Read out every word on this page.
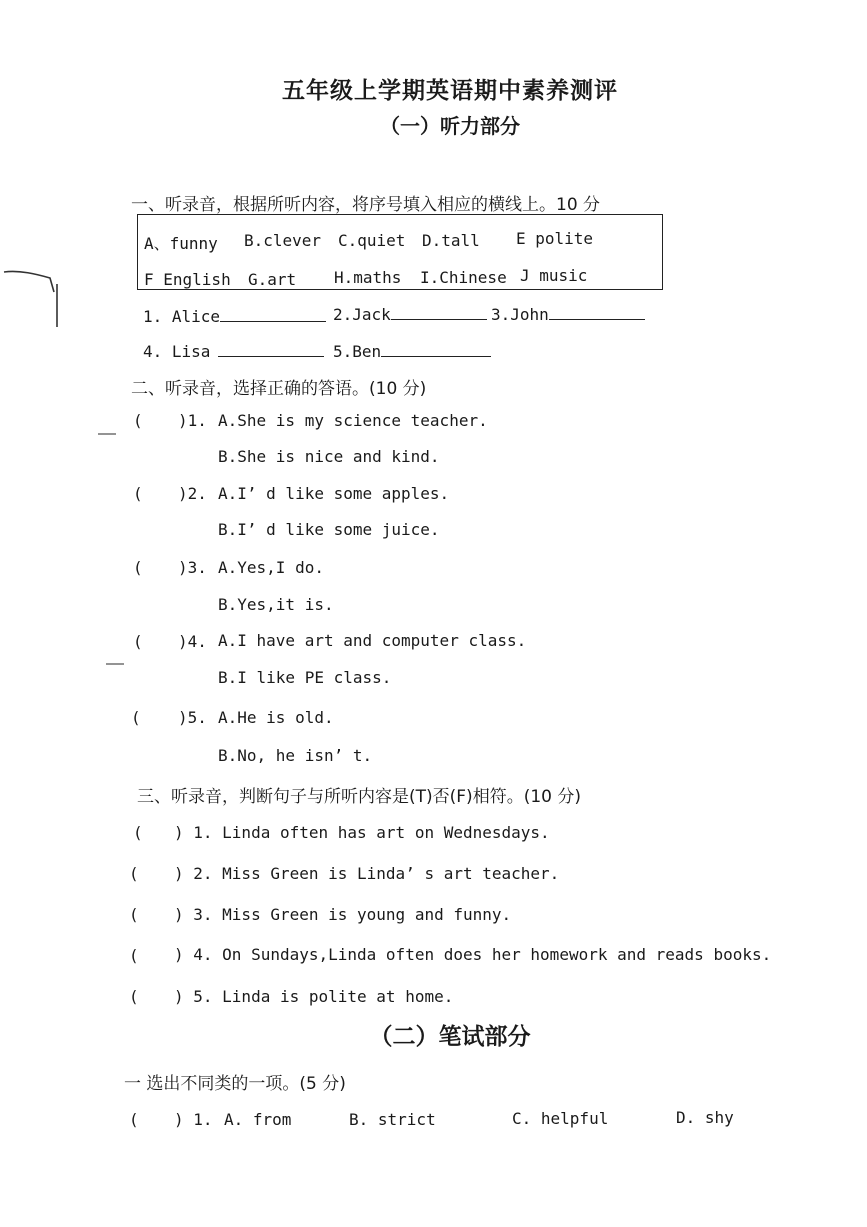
五年级上学期英语期中素养测评
（一）听力部分
一、听录音，根据所听内容，将序号填入相应的横线上。10 分
A、funny B.clever C.quiet D.tall E polite
F English G.art H.maths I.Chinese J music
1. Alice	2.Jack	3.John
4. Lisa	5.Ben
二、听录音，选择正确的答语。(10 分)
( )1. A.She is my science teacher.
B.She is nice and kind.
( )2. A.I’ d like some apples.
B.I’ d like some juice.
( )3. A.Yes,I do.
B.Yes,it is.
( )4. A.I have art and computer class.
B.I like PE class.
( )5. A.He is old.
B.No, he isn’ t.
三、听录音，判断句子与所听内容是(T)否(F)相符。(10 分)
( ) 1. Linda often has art on Wednesdays.
( ) 2. Miss Green is Linda’ s art teacher.
( ) 3. Miss Green is young and funny.
( ) 4. On Sundays,Linda often does her homework and reads books.
( ) 5. Linda is polite at home.
（二）笔试部分
一 选出不同类的一项。(5 分)
( ) 1. A. from	B. strict	C. helpful	D. shy
